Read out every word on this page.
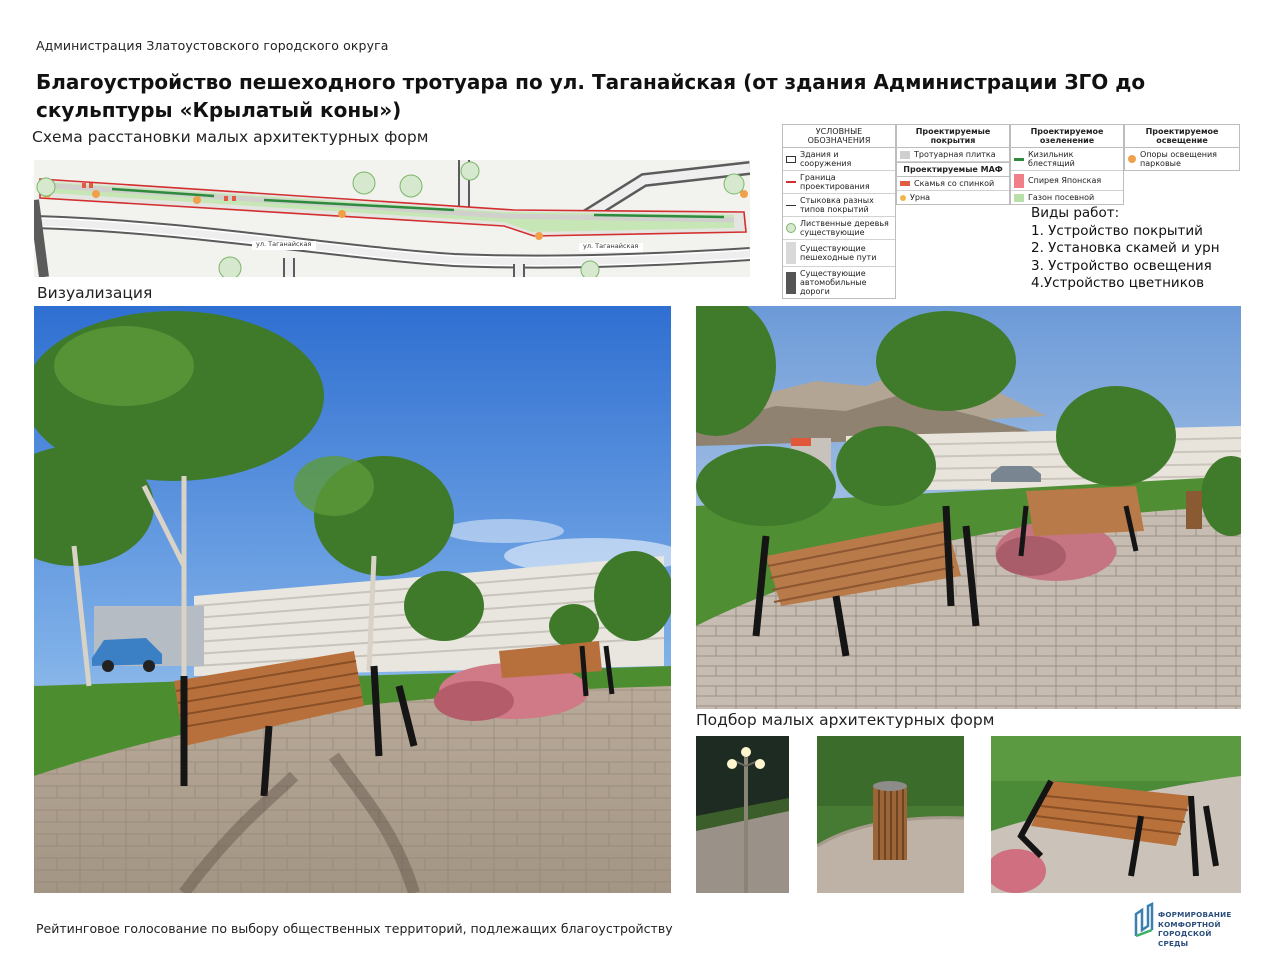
Администрация Златоустовского городского округа
Благоустройство пешеходного тротуара по ул. Таганайская (от здания Администрации ЗГО до скульптуры «Крылатый коны»)
Схема расстановки малых архитектурных форм
ул. Таганайская	ул. Таганайская
УСЛОВНЫЕ ОБОЗНАЧЕНИЯ
Здания и сооружения
Граница проектирования
Стыковка разных типов покрытий
Лиственные деревья существующие
Существующие пешеходные пути
Существующие автомобильные дороги
Проектируемые покрытия
Тротуарная плитка
Проектируемые МАФ
Скамья со спинкой
Урна
Проектируемое озеленение
Кизильник блестящий
Спирея Японская
Газон посевной
Проектируемое освещение
Опоры освещения парковые
Виды работ:
1. Устройство покрытий
2. Установка скамей и урн
3. Устройство освещения
4.Устройство цветников
Визуализация
Подбор малых архитектурных форм
Рейтинговое голосование по выбору общественных территорий, подлежащих благоустройству
ФОРМИРОВАНИЕ
КОМФОРТНОЙ
ГОРОДСКОЙ СРЕДЫ
